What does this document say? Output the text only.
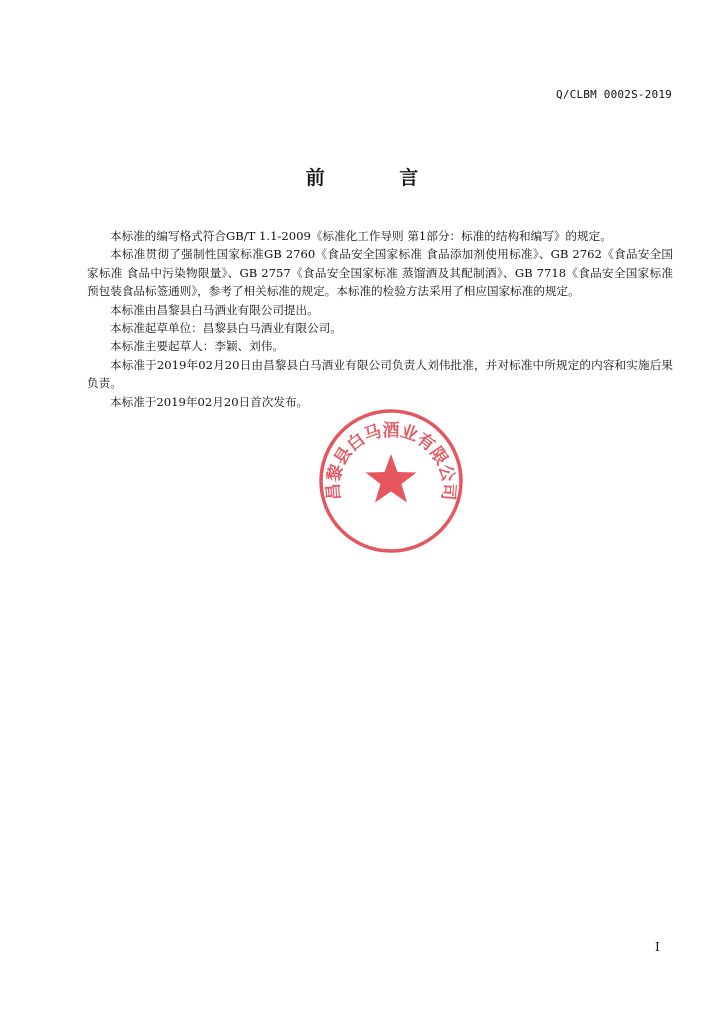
Q/CLBM 0002S-2019
前 言

本标准的编写格式符合GB/T 1.1-2009《标准化工作导则 第1部分：标准的结构和编写》的规定。

本标准贯彻了强制性国家标准GB 2760《食品安全国家标准 食品添加剂使用标准》、GB 2762《食品安全国家标准 食品中污染物限量》、GB 2757《食品安全国家标准 蒸馏酒及其配制酒》、GB 7718《食品安全国家标准 预包装食品标签通则》，参考了相关标准的规定。本标准的检验方法采用了相应国家标准的规定。

本标准由昌黎县白马酒业有限公司提出。

本标准起草单位：昌黎县白马酒业有限公司。

本标准主要起草人：李颖、刘伟。

本标准于2019年02月20日由昌黎县白马酒业有限公司负责人刘伟批准，并对标准中所规定的内容和实施后果负责。

本标准于2019年02月20日首次发布。

昌黎县白马酒业有限公司
I
